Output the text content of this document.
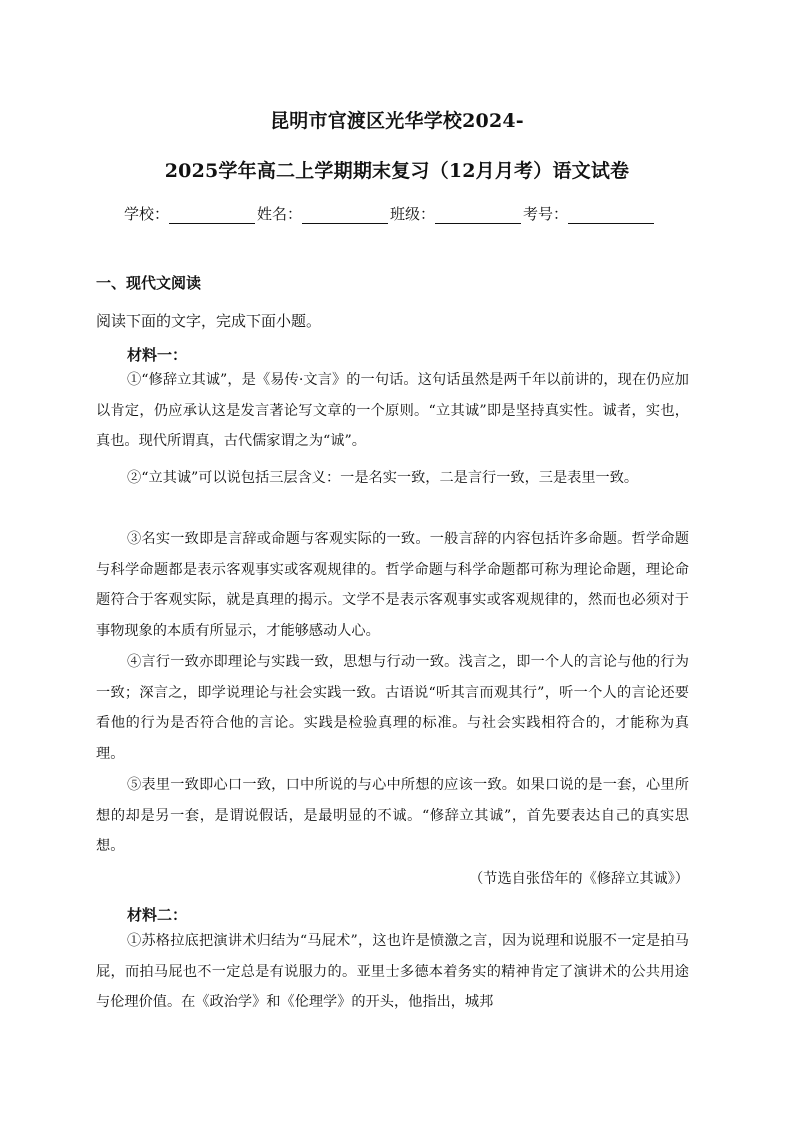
昆明市官渡区光华学校2024-
2025学年高二上学期期末复习（12月月考）语文试卷
学校：	姓名：	班级：	考号：
一、现代文阅读
阅读下面的文字，完成下面小题。
材料一：
①“修辞立其诚”，是《易传·文言》的一句话。这句话虽然是两千年以前讲的，现在仍应加以肯定，仍应承认这是发言著论写文章的一个原则。“立其诚”即是坚持真实性。诚者，实也，真也。现代所谓真，古代儒家谓之为“诚”。
②“立其诚”可以说包括三层含义：一是名实一致，二是言行一致，三是表里一致。
③名实一致即是言辞或命题与客观实际的一致。一般言辞的内容包括许多命题。哲学命题与科学命题都是表示客观事实或客观规律的。哲学命题与科学命题都可称为理论命题，理论命题符合于客观实际，就是真理的揭示。文学不是表示客观事实或客观规律的，然而也必须对于事物现象的本质有所显示，才能够感动人心。
④言行一致亦即理论与实践一致，思想与行动一致。浅言之，即一个人的言论与他的行为一致；深言之，即学说理论与社会实践一致。古语说“听其言而观其行”，听一个人的言论还要看他的行为是否符合他的言论。实践是检验真理的标准。与社会实践相符合的，才能称为真理。
⑤表里一致即心口一致，口中所说的与心中所想的应该一致。如果口说的是一套，心里所想的却是另一套，是谓说假话，是最明显的不诚。“修辞立其诚”，首先要表达自己的真实思想。
（节选自张岱年的《修辞立其诚》）
材料二：
①苏格拉底把演讲术归结为“马屁术”，这也许是愤激之言，因为说理和说服不一定是拍马屁，而拍马屁也不一定总是有说服力的。亚里士多德本着务实的精神肯定了演讲术的公共用途与伦理价值。在《政治学》和《伦理学》的开头，他指出，城邦
